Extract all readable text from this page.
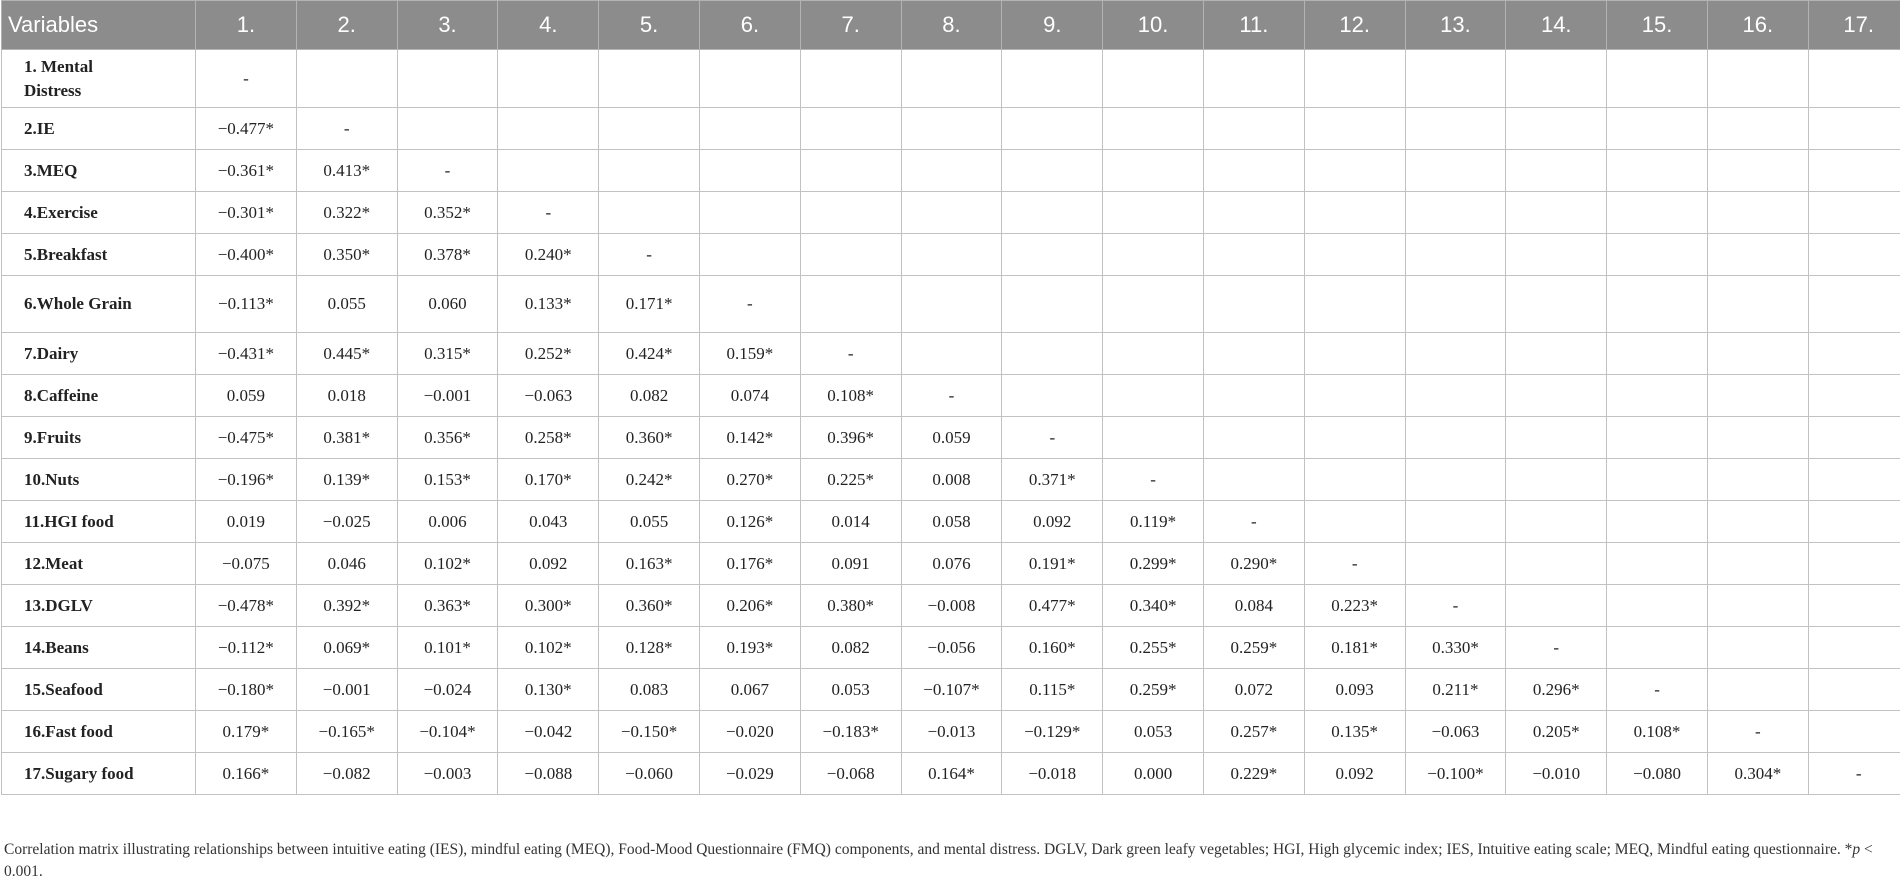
Variables	1.	2.	3.	4.	5.	6.	7.	8.	9.	10.	11.	12.	13.	14.	15.	16.	17.
1. Mental Distress	-																
2.IE	−0.477*	-															
3.MEQ	−0.361*	0.413*	-														
4.Exercise	−0.301*	0.322*	0.352*	-													
5.Breakfast	−0.400*	0.350*	0.378*	0.240*	-												
6.Whole Grain	−0.113*	0.055	0.060	0.133*	0.171*	-											
7.Dairy	−0.431*	0.445*	0.315*	0.252*	0.424*	0.159*	-										
8.Caffeine	0.059	0.018	−0.001	−0.063	0.082	0.074	0.108*	-									
9.Fruits	−0.475*	0.381*	0.356*	0.258*	0.360*	0.142*	0.396*	0.059	-								
10.Nuts	−0.196*	0.139*	0.153*	0.170*	0.242*	0.270*	0.225*	0.008	0.371*	-							
11.HGI food	0.019	−0.025	0.006	0.043	0.055	0.126*	0.014	0.058	0.092	0.119*	-						
12.Meat	−0.075	0.046	0.102*	0.092	0.163*	0.176*	0.091	0.076	0.191*	0.299*	0.290*	-					
13.DGLV	−0.478*	0.392*	0.363*	0.300*	0.360*	0.206*	0.380*	−0.008	0.477*	0.340*	0.084	0.223*	-				
14.Beans	−0.112*	0.069*	0.101*	0.102*	0.128*	0.193*	0.082	−0.056	0.160*	0.255*	0.259*	0.181*	0.330*	-			
15.Seafood	−0.180*	−0.001	−0.024	0.130*	0.083	0.067	0.053	−0.107*	0.115*	0.259*	0.072	0.093	0.211*	0.296*	-		
16.Fast food	0.179*	−0.165*	−0.104*	−0.042	−0.150*	−0.020	−0.183*	−0.013	−0.129*	0.053	0.257*	0.135*	−0.063	0.205*	0.108*	-	
17.Sugary food	0.166*	−0.082	−0.003	−0.088	−0.060	−0.029	−0.068	0.164*	−0.018	0.000	0.229*	0.092	−0.100*	−0.010	−0.080	0.304*	-
Correlation matrix illustrating relationships between intuitive eating (IES), mindful eating (MEQ), Food-Mood Questionnaire (FMQ) components, and mental distress. DGLV, Dark green leafy vegetables; HGI, High glycemic index; IES, Intuitive eating scale; MEQ, Mindful eating questionnaire. *p < 0.001.
